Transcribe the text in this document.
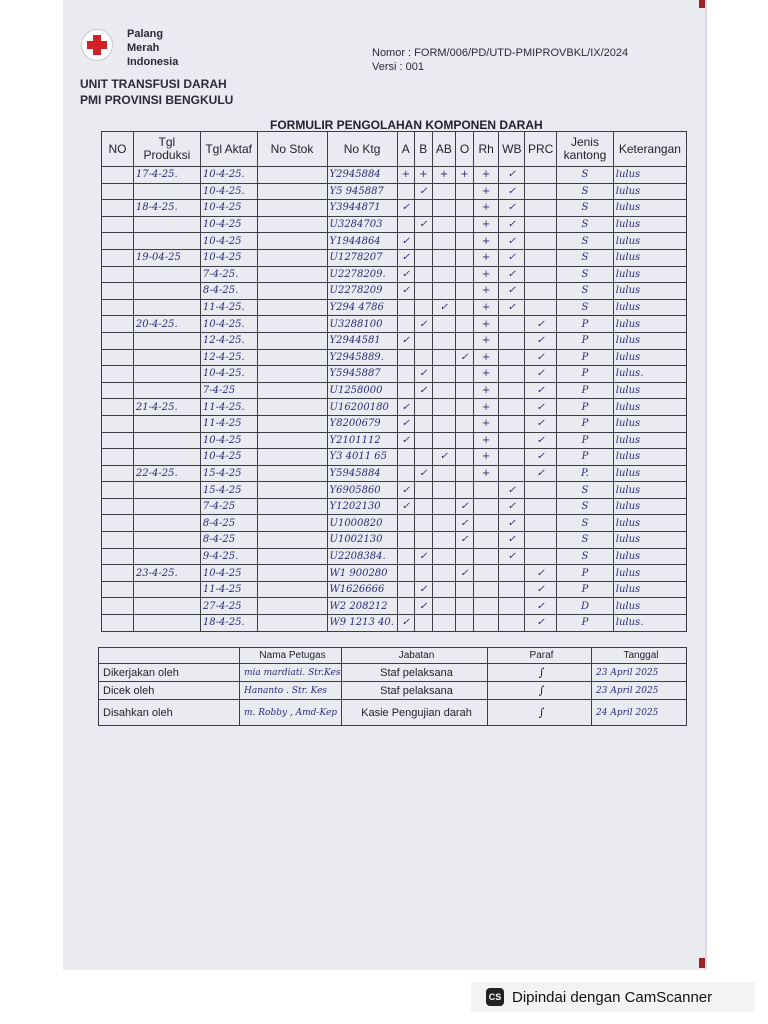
Palang
Merah
Indonesia
UNIT TRANSFUSI DARAH
PMI PROVINSI BENGKULU
Nomor : FORM/006/PD/UTD-PMIPROVBKL/IX/2024
Versi : 001
FORMULIR PENGOLAHAN KOMPONEN DARAH
NO	Tgl Produksi	Tgl Aktaf	No Stok	No Ktg	A	B	AB	O	Rh	WB	PRC	Jenis kantong	Keterangan
	17-4-25.	10-4-25.		Y2945884	+	+	+	+	+	✓		S	lulus
		10-4-25.		Y5 945887		✓			+	✓		S	lulus
	18-4-25.	10-4-25		Y3944871	✓				+	✓		S	lulus
		10-4-25		U3284703		✓			+	✓		S	lulus
		10-4-25		Y1944864	✓				+	✓		S	lulus
	19-04-25	10-4-25		U1278207	✓				+	✓		S	lulus
		7-4-25.		U2278209.	✓				+	✓		S	lulus
		8-4-25.		U2278209	✓				+	✓		S	lulus
		11-4-25.		Y294 4786			✓		+	✓		S	lulus
	20-4-25.	10-4-25.		U3288100		✓			+		✓	P	lulus
		12-4-25.		Y2944581	✓				+		✓	P	lulus
		12-4-25.		Y2945889.				✓	+		✓	P	lulus
		10-4-25.		Y5945887		✓			+		✓	P	lulus.
		7-4-25		U1258000		✓			+		✓	P	lulus
	21-4-25.	11-4-25.		U16200180	✓				+		✓	P	lulus
		11-4-25		Y8200679	✓				+		✓	P	lulus
		10-4-25		Y2101112	✓				+		✓	P	lulus
		10-4-25		Y3 4011 65			✓		+		✓	P	lulus
	22-4-25.	15-4-25		Y5945884		✓			+		✓	P.	lulus
		15-4-25		Y6905860	✓					✓		S	lulus
		7-4-25		Y1202130	✓			✓		✓		S	lulus
		8-4-25		U1000820				✓		✓		S	lulus
		8-4-25		U1002130				✓		✓		S	lulus
		9-4-25.		U2208384.		✓				✓		S	lulus
	23-4-25.	10-4-25		W1 900280				✓			✓	P	lulus
		11-4-25		W1626666		✓					✓	P	lulus
		27-4-25		W2 208212		✓					✓	D	lulus
		18-4-25.		W9 1213 40.	✓						✓	P	lulus.
	Nama Petugas	Jabatan	Paraf	Tanggal
Dikerjakan oleh	mia mardiati. Str.Kes	Staf pelaksana	∫	23 April 2025
Dicek oleh	Hananto . Str. Kes	Staf pelaksana	∫	23 April 2025
Disahkan oleh	m. Robby , Amd-Kep	Kasie Pengujian darah	∫	24 April 2025
CS Dipindai dengan CamScanner
